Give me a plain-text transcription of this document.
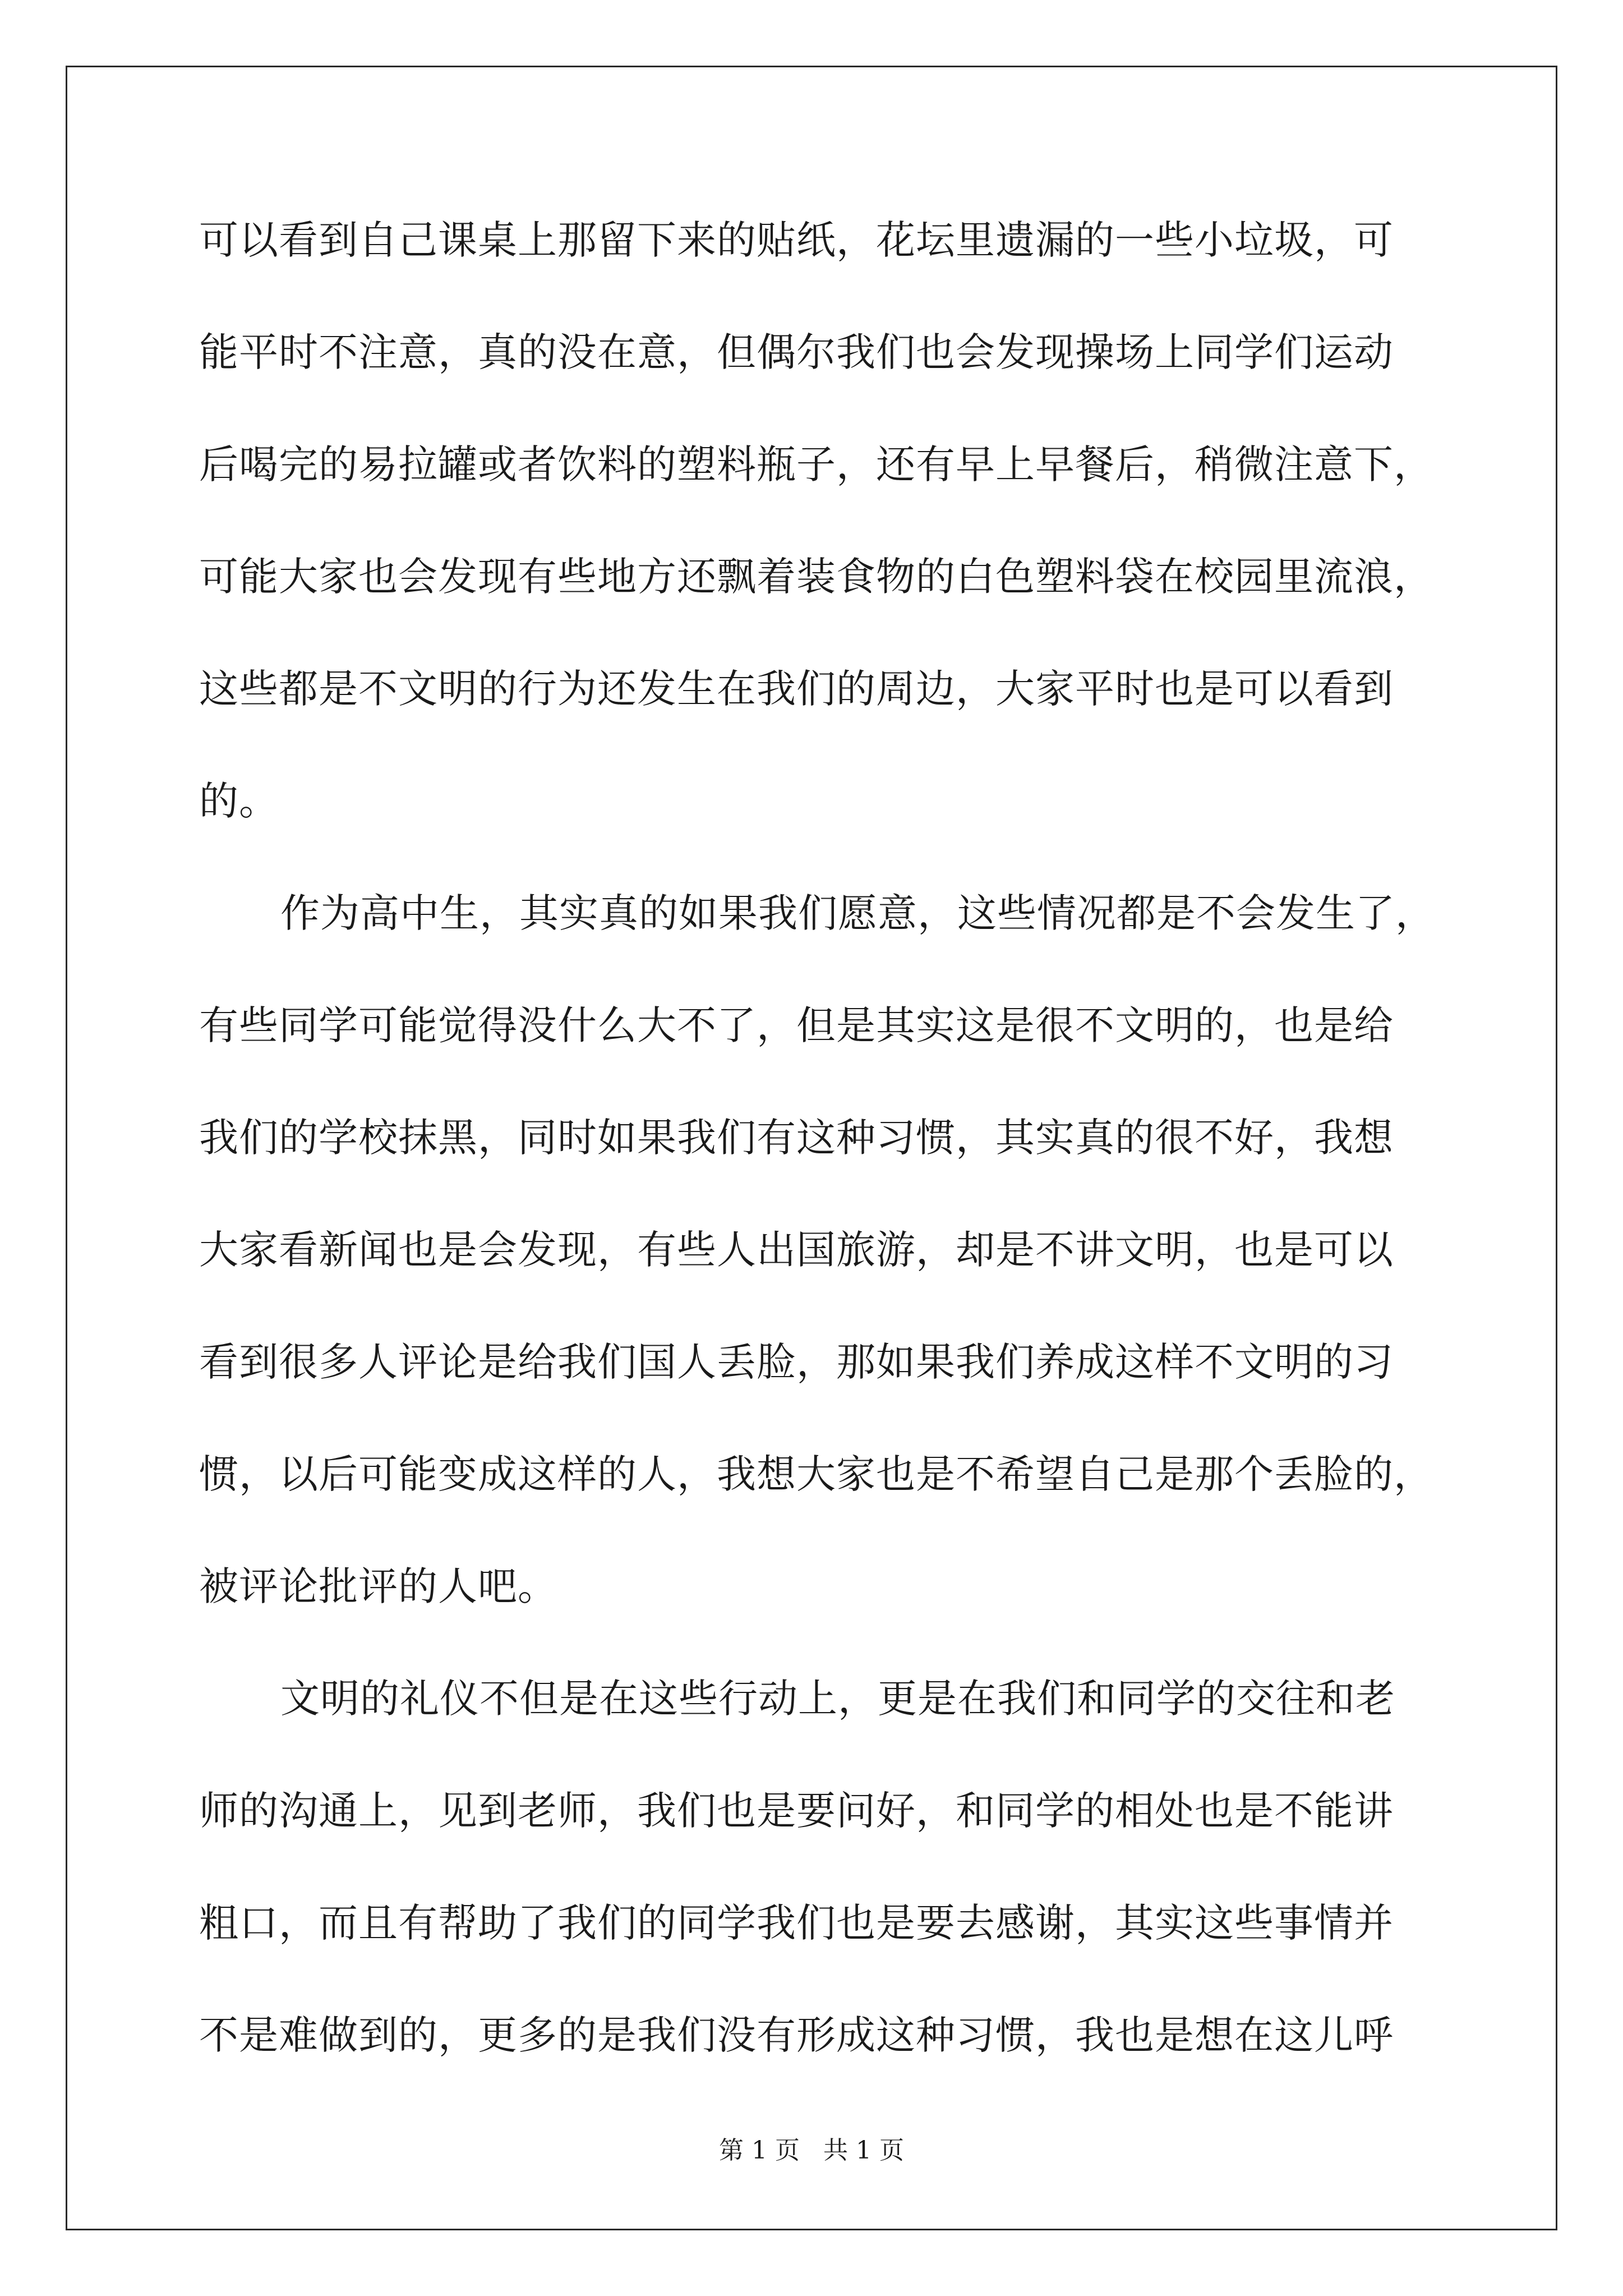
可以看到自己课桌上那留下来的贴纸，花坛里遗漏的一些小垃圾，可
能平时不注意，真的没在意，但偶尔我们也会发现操场上同学们运动
后喝完的易拉罐或者饮料的塑料瓶子，还有早上早餐后，稍微注意下，
可能大家也会发现有些地方还飘着装食物的白色塑料袋在校园里流浪，
这些都是不文明的行为还发生在我们的周边，大家平时也是可以看到
的。
作为高中生，其实真的如果我们愿意，这些情况都是不会发生了，
有些同学可能觉得没什么大不了，但是其实这是很不文明的，也是给
我们的学校抹黑，同时如果我们有这种习惯，其实真的很不好，我想
大家看新闻也是会发现，有些人出国旅游，却是不讲文明，也是可以
看到很多人评论是给我们国人丢脸，那如果我们养成这样不文明的习
惯，以后可能变成这样的人，我想大家也是不希望自己是那个丢脸的，
被评论批评的人吧。
文明的礼仪不但是在这些行动上，更是在我们和同学的交往和老
师的沟通上，见到老师，我们也是要问好，和同学的相处也是不能讲
粗口，而且有帮助了我们的同学我们也是要去感谢，其实这些事情并
不是难做到的，更多的是我们没有形成这种习惯，我也是想在这儿呼
第 1 页   共 1 页
